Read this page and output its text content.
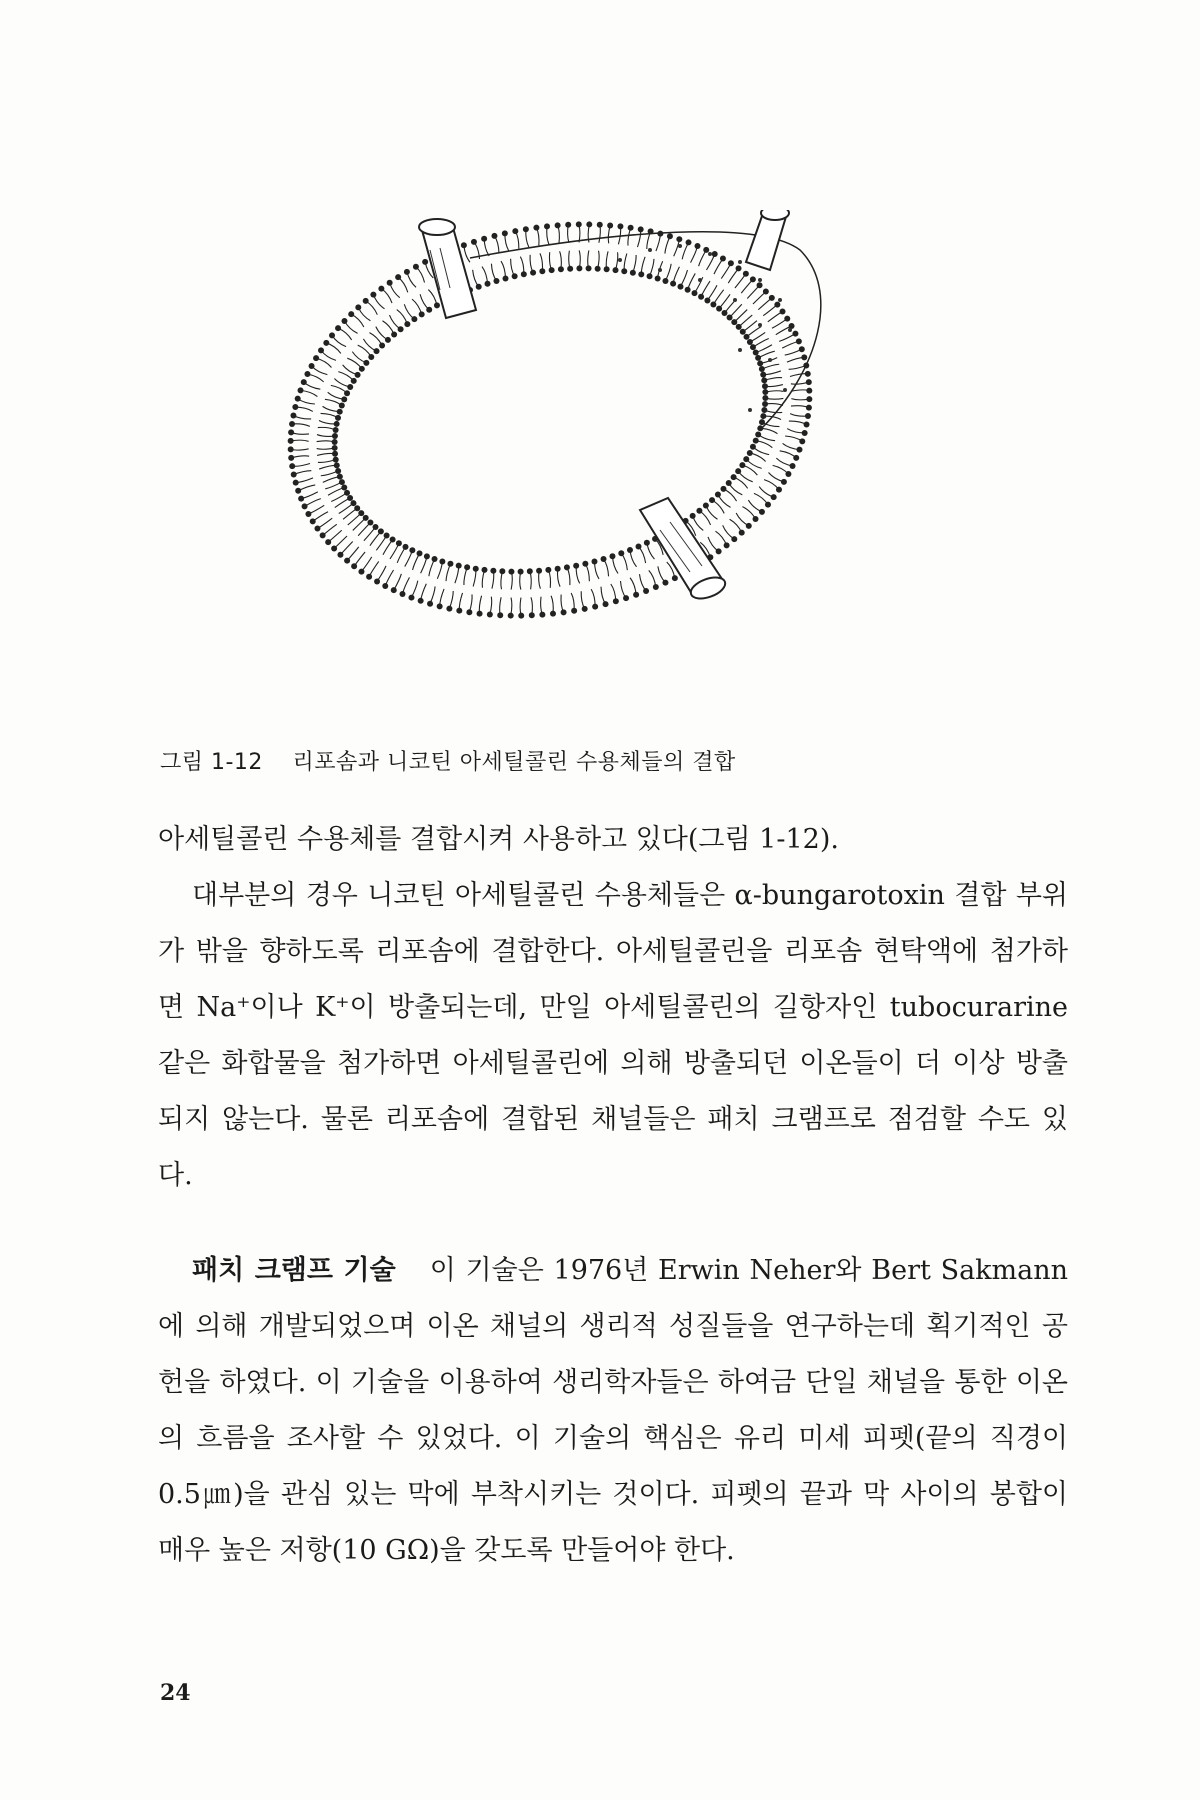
그림 1-12 리포솜과 니코틴 아세틸콜린 수용체들의 결합

아세틸콜린 수용체를 결합시켜 사용하고 있다(그림 1-12).

대부분의 경우 니코틴 아세틸콜린 수용체들은 α-bungarotoxin 결합 부위가 밖을 향하도록 리포솜에 결합한다. 아세틸콜린을 리포솜 현탁액에 첨가하면 Na⁺이나 K⁺이 방출되는데, 만일 아세틸콜린의 길항자인 tubocurarine 같은 화합물을 첨가하면 아세틸콜린에 의해 방출되던 이온들이 더 이상 방출되지 않는다. 물론 리포솜에 결합된 채널들은 패치 크램프로 점검할 수도 있다.

패치 크램프 기술 이 기술은 1976년 Erwin Neher와 Bert Sakmann에 의해 개발되었으며 이온 채널의 생리적 성질들을 연구하는데 획기적인 공헌을 하였다. 이 기술을 이용하여 생리학자들은 하여금 단일 채널을 통한 이온의 흐름을 조사할 수 있었다. 이 기술의 핵심은 유리 미세 피펫(끝의 직경이 0.5㎛)을 관심 있는 막에 부착시키는 것이다. 피펫의 끝과 막 사이의 봉합이 매우 높은 저항(10 GΩ)을 갖도록 만들어야 한다.

24
